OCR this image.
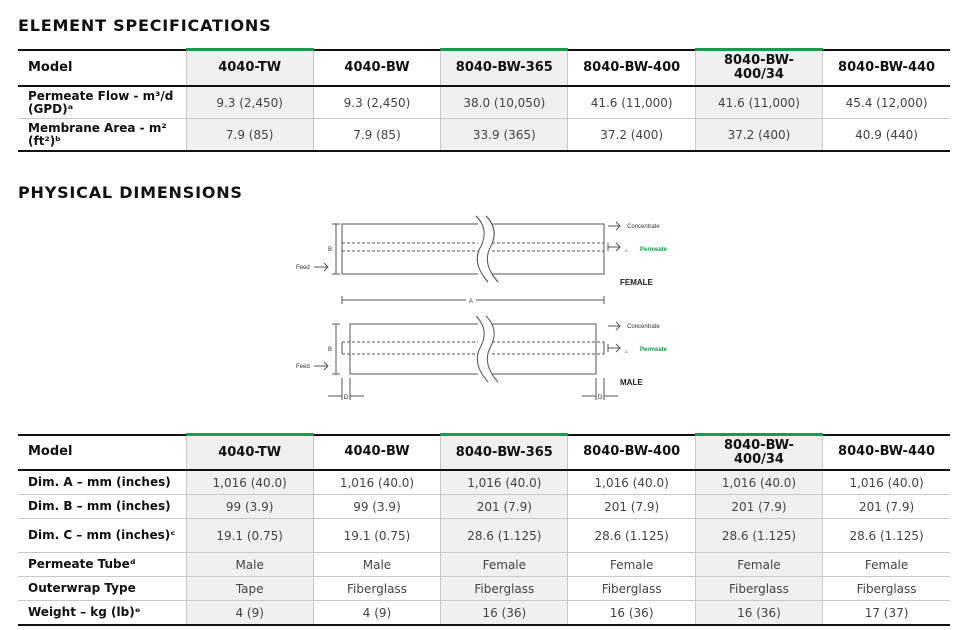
ELEMENT SPECIFICATIONS
Model	4040-TW	4040-BW	8040-BW-365	8040-BW-400	8040-BW-400/34	8040-BW-440
Permeate Flow - m³/d (GPD)ᵃ	9.3 (2,450)	9.3 (2,450)	38.0 (10,050)	41.6 (11,000)	41.6 (11,000)	45.4 (12,000)
Membrane Area - m² (ft²)ᵇ	7.9 (85)	7.9 (85)	33.9 (365)	37.2 (400)	37.2 (400)	40.9 (440)
PHYSICAL DIMENSIONS
B
Feed
Concentrate
C Permeate
FEMALE
A
B
Feed
Concentrate
C Permeate
MALE
D	D
Model	4040-TW	4040-BW	8040-BW-365	8040-BW-400	8040-BW-400/34	8040-BW-440
Dim. A – mm (inches)	1,016 (40.0)	1,016 (40.0)	1,016 (40.0)	1,016 (40.0)	1,016 (40.0)	1,016 (40.0)
Dim. B – mm (inches)	99 (3.9)	99 (3.9)	201 (7.9)	201 (7.9)	201 (7.9)	201 (7.9)
Dim. C – mm (inches)ᶜ	19.1 (0.75)	19.1 (0.75)	28.6 (1.125)	28.6 (1.125)	28.6 (1.125)	28.6 (1.125)
Permeate Tubeᵈ	Male	Male	Female	Female	Female	Female
Outerwrap Type	Tape	Fiberglass	Fiberglass	Fiberglass	Fiberglass	Fiberglass
Weight – kg (lb)ᵉ	4 (9)	4 (9)	16 (36)	16 (36)	16 (36)	17 (37)
